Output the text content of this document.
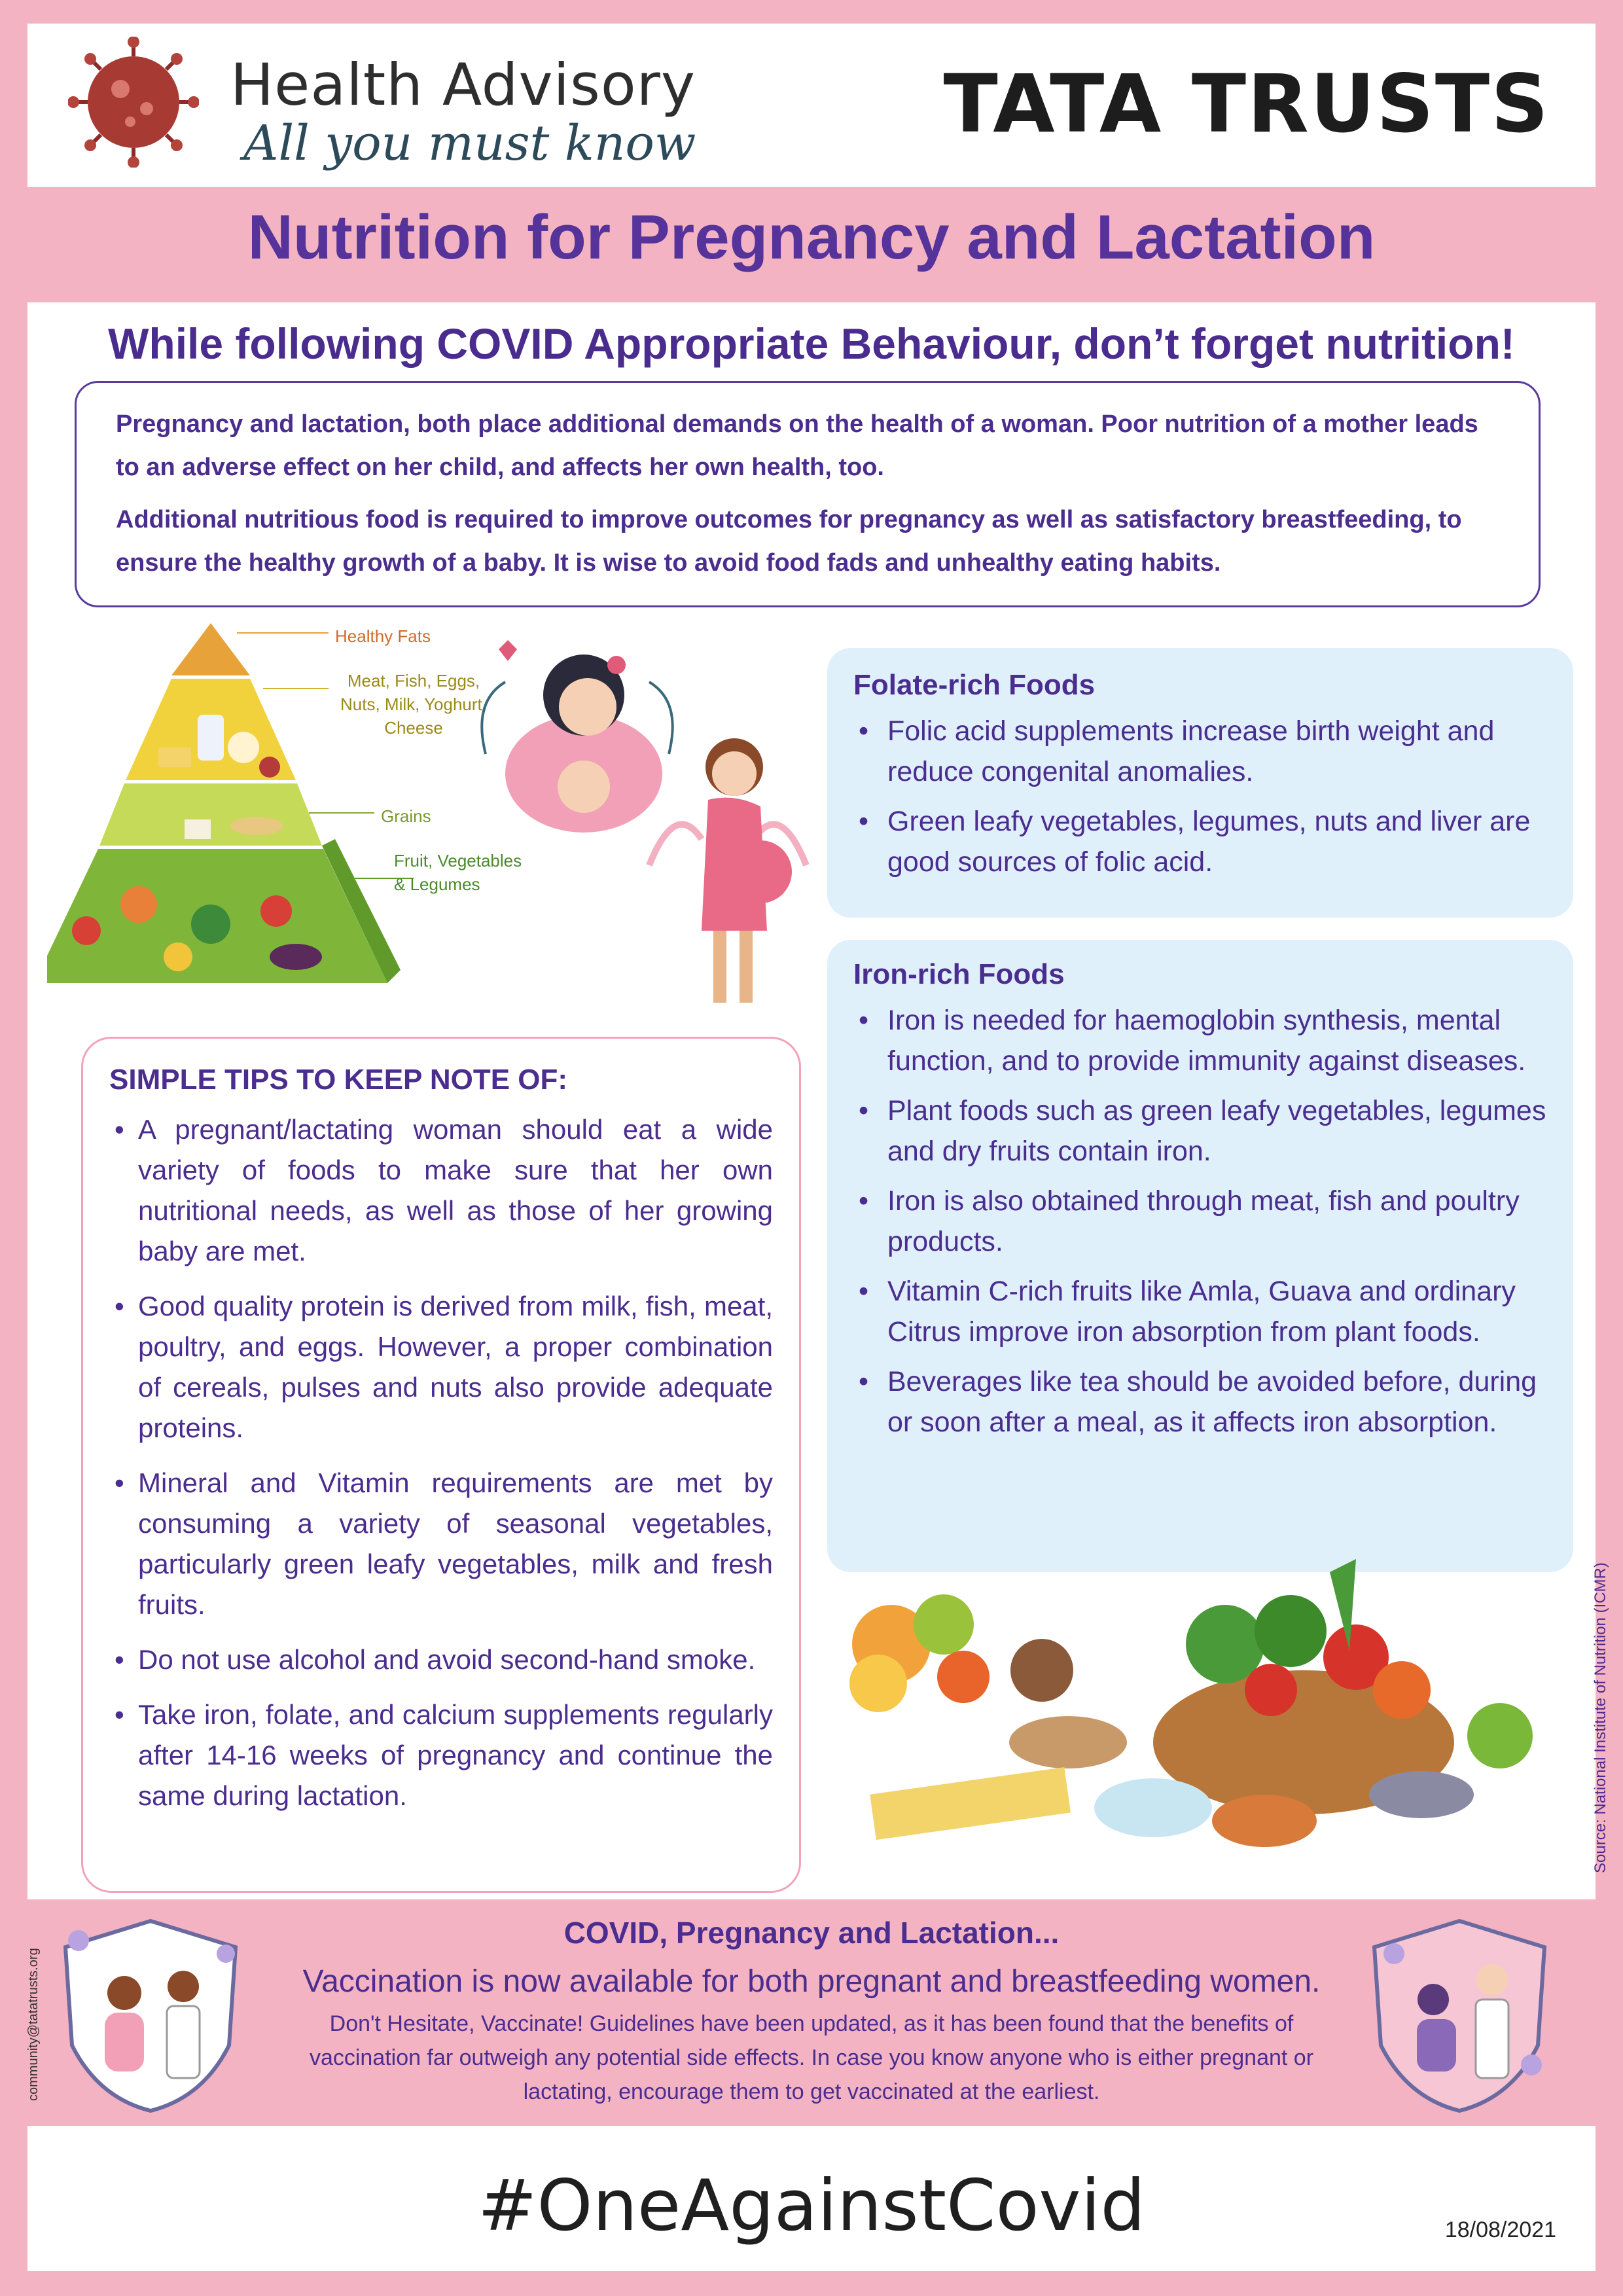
Health Advisory
All you must know	TATA TRUSTS
Nutrition for Pregnancy and Lactation
While following COVID Appropriate Behaviour, don’t forget nutrition!

Pregnancy and lactation, both place additional demands on the health of a woman. Poor nutrition of a mother leads to an adverse effect on her child, and affects her own health, too.

Additional nutritious food is required to improve outcomes for pregnancy as well as satisfactory breastfeeding, to ensure the healthy growth of a baby. It is wise to avoid food fads and unhealthy eating habits.

Healthy Fats
Meat, Fish, Eggs, Nuts, Milk, Yoghurt, Cheese
Grains
Fruit, Vegetables & Legumes
Folate-rich Foods
• Folic acid supplements increase birth weight and reduce congenital anomalies.
• Green leafy vegetables, legumes, nuts and liver are good sources of folic acid.
Iron-rich Foods
• Iron is needed for haemoglobin synthesis, mental function, and to provide immunity against diseases.
• Plant foods such as green leafy vegetables, legumes and dry fruits contain iron.
• Iron is also obtained through meat, fish and poultry products.
• Vitamin C-rich fruits like Amla, Guava and ordinary Citrus improve iron absorption from plant foods.
• Beverages like tea should be avoided before, during or soon after a meal, as it affects iron absorption.
SIMPLE TIPS TO KEEP NOTE OF:
• A pregnant/lactating woman should eat a wide variety of foods to make sure that her own nutritional needs, as well as those of her growing baby are met.
• Good quality protein is derived from milk, fish, meat, poultry, and eggs. However, a proper combination of cereals, pulses and nuts also provide adequate proteins.
• Mineral and Vitamin requirements are met by consuming a variety of seasonal vegetables, particularly green leafy vegetables, milk and fresh fruits.
• Do not use alcohol and avoid second-hand smoke.
• Take iron, folate, and calcium supplements regularly after 14-16 weeks of pregnancy and continue the same during lactation.	Source: National Institute of Nutrition (ICMR)
community@tatatrusts.org
COVID, Pregnancy and Lactation...
Vaccination is now available for both pregnant and breastfeeding women.
Don't Hesitate, Vaccinate! Guidelines have been updated, as it has been found that the benefits of vaccination far outweigh any potential side effects. In case you know anyone who is either pregnant or lactating, encourage them to get vaccinated at the earliest.
#OneAgainstCovid	18/08/2021
